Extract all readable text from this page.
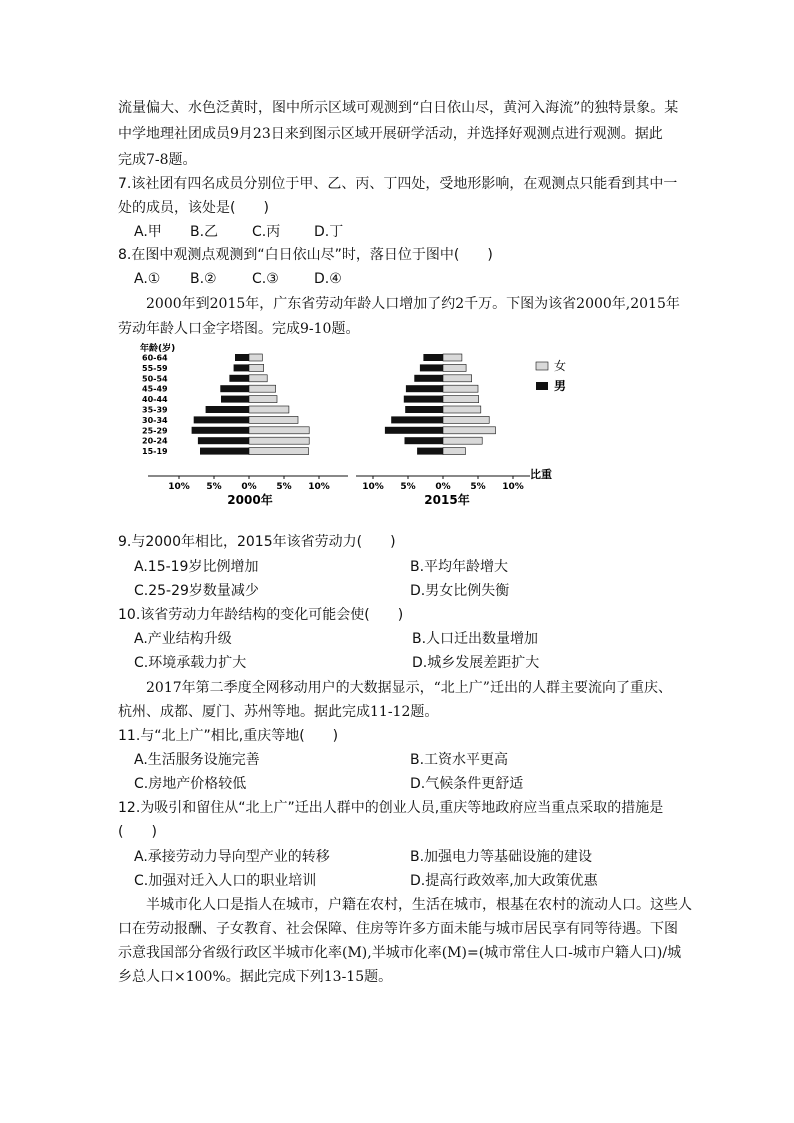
流量偏大、水色泛黄时，图中所示区域可观测到“白日依山尽，黄河入海流”的独特景象。某
中学地理社团成员9月23日来到图示区域开展研学活动，并选择好观测点进行观测。据此
完成7-8题。
7.该社团有四名成员分别位于甲、乙、丙、丁四处，受地形影响，在观测点只能看到其中一
处的成员，该处是(　　)
A.甲 B.乙 C.丙 D.丁
8.在图中观测点观测到“白日依山尽”时，落日位于图中(　　)
A.① B.②	C.③	D.④
2000年到2015年，广东省劳动年龄人口增加了约2千万。下图为该省2000年,2015年
劳动年龄人口金字塔图。完成9-10题。
年龄(岁)
15-19
20-24
25-29
30-34
35-39
40-44
45-49
50-54
55-59
60-64
10% 5% 0% 5% 10%	10% 5% 0% 5% 10%
2000年	2015年
比重
女
男
9.与2000年相比，2015年该省劳动力(　　)
A.15-19岁比例增加	B.平均年龄增大
C.25-29岁数量减少	D.男女比例失衡
10.该省劳动力年龄结构的变化可能会使(　　)
A.产业结构升级	B.人口迁出数量增加
C.环境承载力扩大	D.城乡发展差距扩大
2017年第二季度全网移动用户的大数据显示，“北上广”迁出的人群主要流向了重庆、
杭州、成都、厦门、苏州等地。据此完成11-12题。
11.与“北上广”相比,重庆等地(　　)
A.生活服务设施完善	B.工资水平更高
C.房地产价格较低	D.气候条件更舒适
12.为吸引和留住从“北上广”迁出人群中的创业人员,重庆等地政府应当重点采取的措施是
(　　)
A.承接劳动力导向型产业的转移	B.加强电力等基础设施的建设
C.加强对迁入人口的职业培训	D.提高行政效率,加大政策优惠
半城市化人口是指人在城市，户籍在农村，生活在城市，根基在农村的流动人口。这些人
口在劳动报酬、子女教育、社会保障、住房等许多方面未能与城市居民享有同等待遇。下图
示意我国部分省级行政区半城市化率(M),半城市化率(M)=(城市常住人口-城市户籍人口)/城
乡总人口×100%。据此完成下列13-15题。
